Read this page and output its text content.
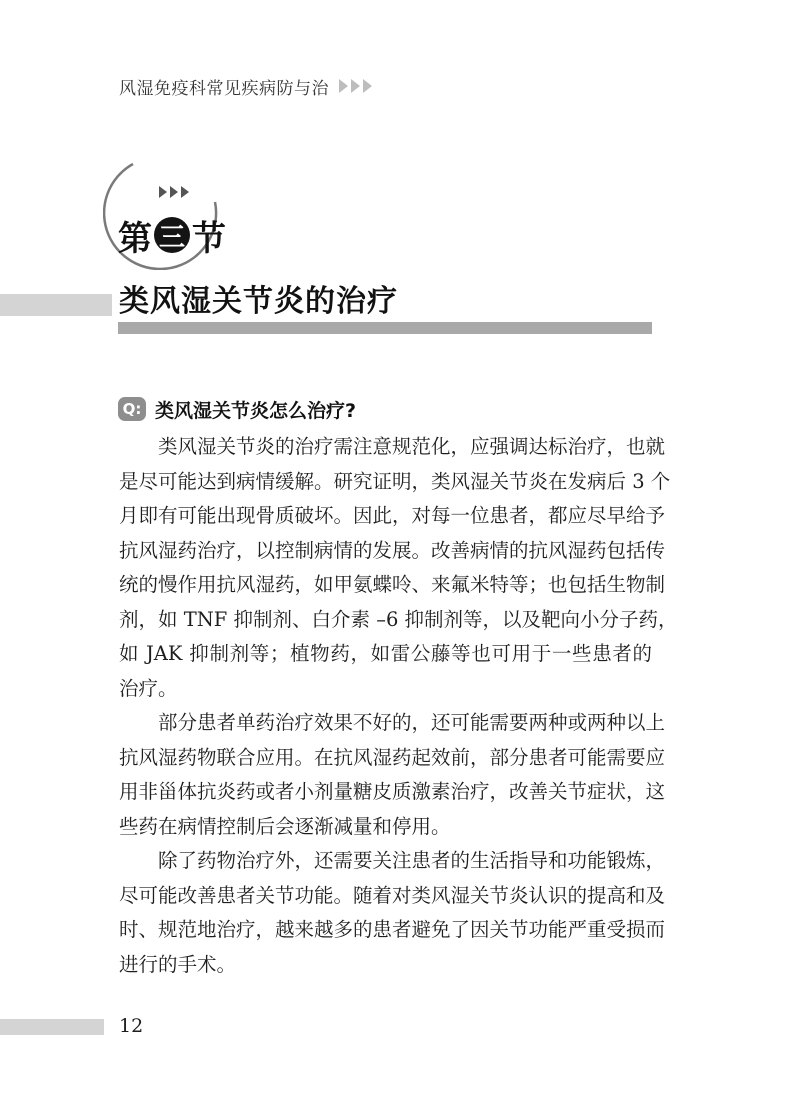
风湿免疫科常见疾病防与治
第 三 节
类风湿关节炎的治疗
Q: 类风湿关节炎怎么治疗?
类风湿关节炎的治疗需注意规范化，应强调达标治疗，也就
是尽可能达到病情缓解。研究证明，类风湿关节炎在发病后 3 个
月即有可能出现骨质破坏。因此，对每一位患者，都应尽早给予
抗风湿药治疗，以控制病情的发展。改善病情的抗风湿药包括传
统的慢作用抗风湿药，如甲氨蝶呤、来氟米特等；也包括生物制
剂，如 TNF 抑制剂、白介素 –6 抑制剂等，以及靶向小分子药，
如 JAK 抑制剂等；植物药，如雷公藤等也可用于一些患者的
治疗。
部分患者单药治疗效果不好的，还可能需要两种或两种以上
抗风湿药物联合应用。在抗风湿药起效前，部分患者可能需要应
用非甾体抗炎药或者小剂量糖皮质激素治疗，改善关节症状，这
些药在病情控制后会逐渐减量和停用。
除了药物治疗外，还需要关注患者的生活指导和功能锻炼，
尽可能改善患者关节功能。随着对类风湿关节炎认识的提高和及
时、规范地治疗，越来越多的患者避免了因关节功能严重受损而
进行的手术。
12
